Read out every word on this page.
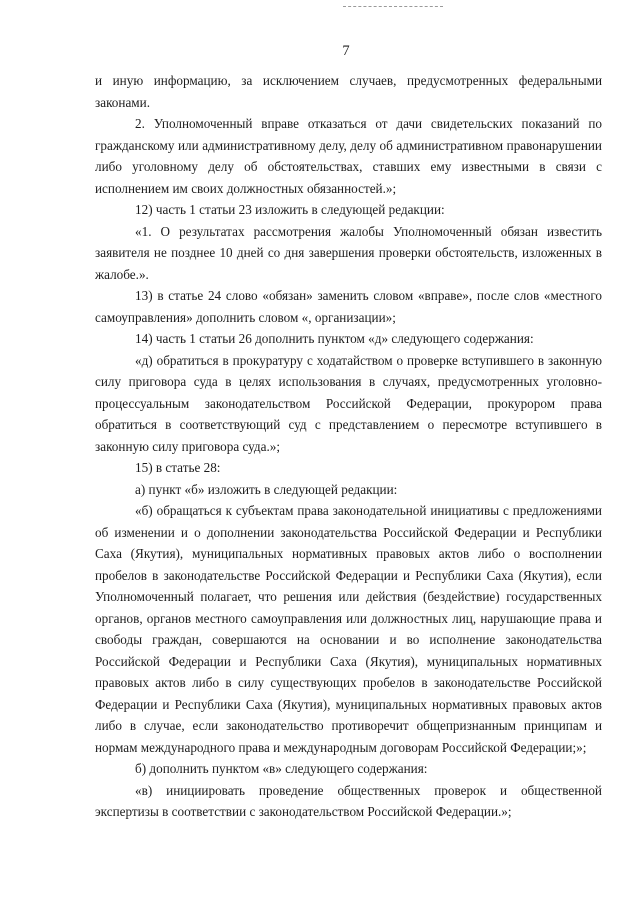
7

и иную информацию, за исключением случаев, предусмотренных федеральными законами.

2. Уполномоченный вправе отказаться от дачи свидетельских показаний по гражданскому или административному делу, делу об административном правонарушении либо уголовному делу об обстоятельствах, ставших ему известными в связи с исполнением им своих должностных обязанностей.»;

12) часть 1 статьи 23 изложить в следующей редакции:

«1. О результатах рассмотрения жалобы Уполномоченный обязан известить заявителя не позднее 10 дней со дня завершения проверки обстоятельств, изложенных в жалобе.».

13) в статье 24 слово «обязан» заменить словом «вправе», после слов «местного самоуправления» дополнить словом «, организации»;

14) часть 1 статьи 26 дополнить пунктом «д» следующего содержания:

«д) обратиться в прокуратуру с ходатайством о проверке вступившего в законную силу приговора суда в целях использования в случаях, предусмотренных уголовно-процессуальным законодательством Российской Федерации, прокурором права обратиться в соответствующий суд с представлением о пересмотре вступившего в законную силу приговора суда.»;

15) в статье 28:

а) пункт «б» изложить в следующей редакции:

«б) обращаться к субъектам права законодательной инициативы с предложениями об изменении и о дополнении законодательства Российской Федерации и Республики Саха (Якутия), муниципальных нормативных правовых актов либо о восполнении пробелов в законодательстве Российской Федерации и Республики Саха (Якутия), если Уполномоченный полагает, что решения или действия (бездействие) государственных органов, органов местного самоуправления или должностных лиц, нарушающие права и свободы граждан, совершаются на основании и во исполнение законодательства Российской Федерации и Республики Саха (Якутия), муниципальных нормативных правовых актов либо в силу существующих пробелов в законодательстве Российской Федерации и Республики Саха (Якутия), муниципальных нормативных правовых актов либо в случае, если законодательство противоречит общепризнанным принципам и нормам международного права и международным договорам Российской Федерации;»;

б) дополнить пунктом «в» следующего содержания:

«в) инициировать проведение общественных проверок и общественной экспертизы в соответствии с законодательством Российской Федерации.»;
